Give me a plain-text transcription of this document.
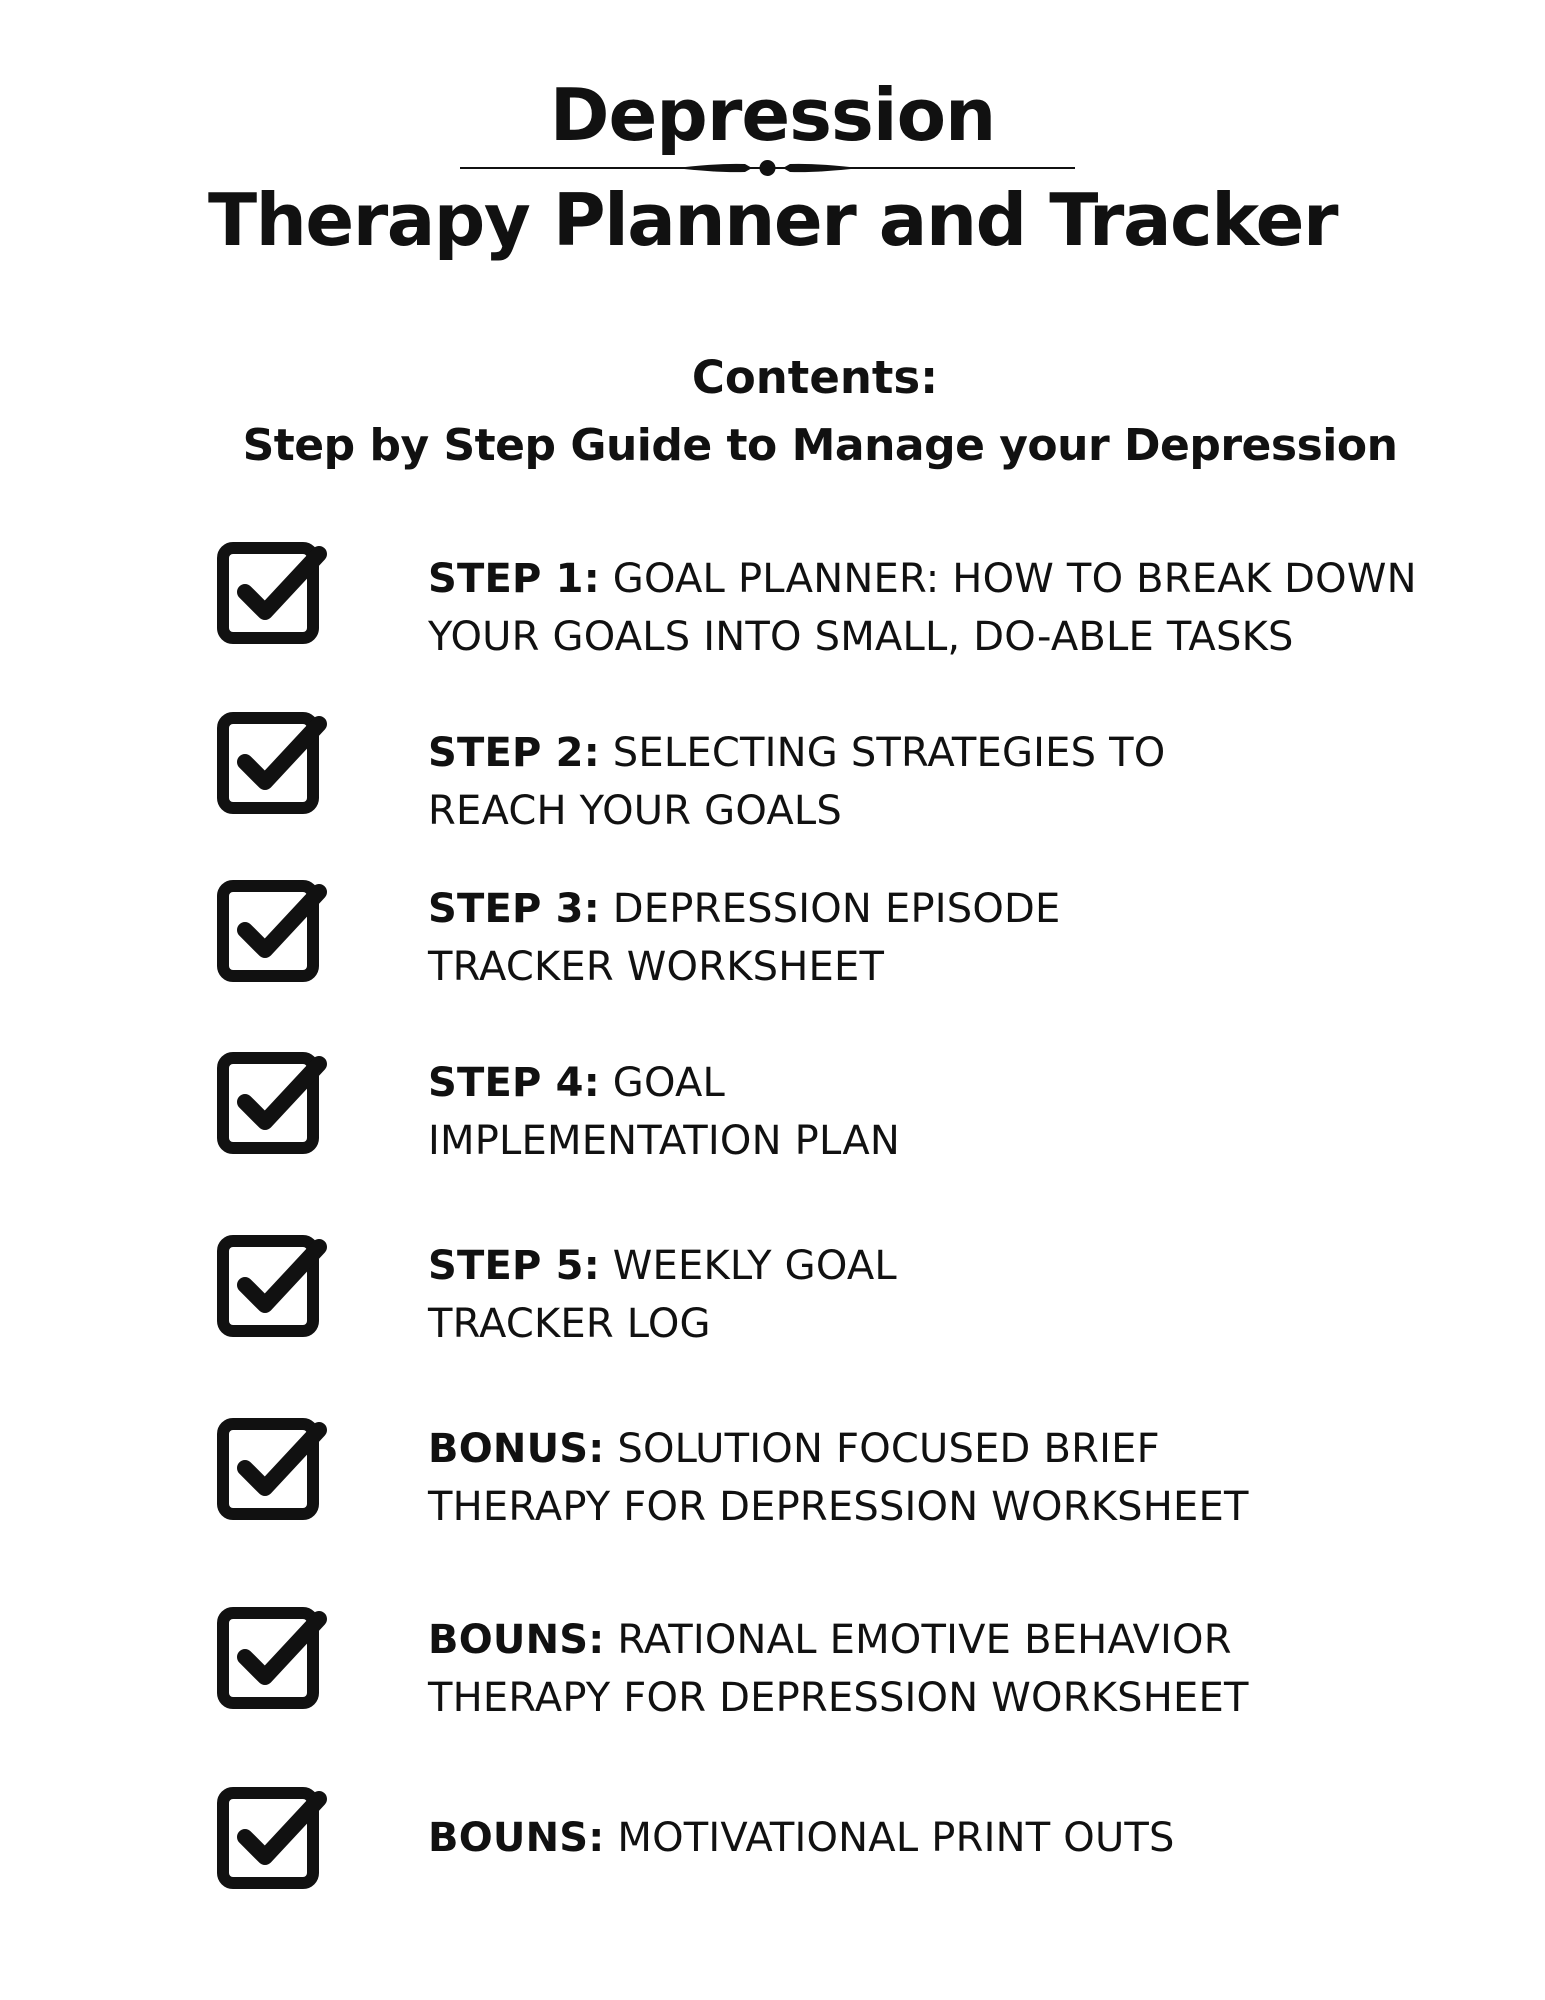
Depression
Therapy Planner and Tracker
Contents:
Step by Step Guide to Manage your Depression
STEP 1: GOAL PLANNER: HOW TO BREAK DOWN
YOUR GOALS INTO SMALL, DO-ABLE TASKS
STEP 2: SELECTING STRATEGIES TO
REACH YOUR GOALS
STEP 3: DEPRESSION EPISODE
TRACKER WORKSHEET
STEP 4: GOAL
IMPLEMENTATION PLAN
STEP 5: WEEKLY GOAL
TRACKER LOG
BONUS: SOLUTION FOCUSED BRIEF
THERAPY FOR DEPRESSION WORKSHEET
BOUNS: RATIONAL EMOTIVE BEHAVIOR
THERAPY FOR DEPRESSION WORKSHEET
BOUNS: MOTIVATIONAL PRINT OUTS
